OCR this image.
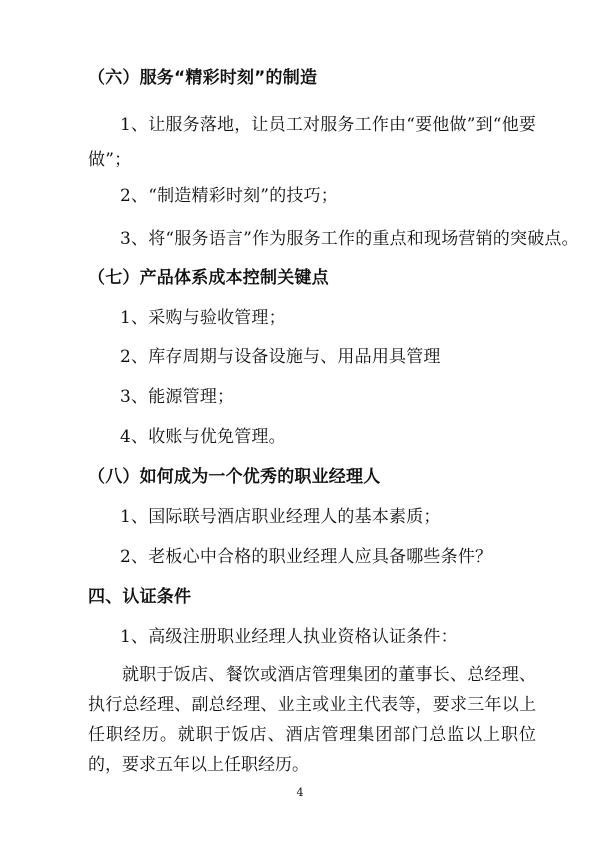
（六）服务“精彩时刻”的制造
1、让服务落地，让员工对服务工作由“要他做”到“他要
做”；
2、“制造精彩时刻”的技巧；
3、将“服务语言”作为服务工作的重点和现场营销的突破点。
（七）产品体系成本控制关键点
1、采购与验收管理；
2、库存周期与设备设施与、用品用具管理
3、能源管理；
4、收账与优免管理。
（八）如何成为一个优秀的职业经理人
1、国际联号酒店职业经理人的基本素质；
2、老板心中合格的职业经理人应具备哪些条件？
四、认证条件
1、高级注册职业经理人执业资格认证条件：
就职于饭店、餐饮或酒店管理集团的董事长、总经理、执行总经理、副总经理、业主或业主代表等，要求三年以上任职经历。就职于饭店、酒店管理集团部门总监以上职位的，要求五年以上任职经历。
4
